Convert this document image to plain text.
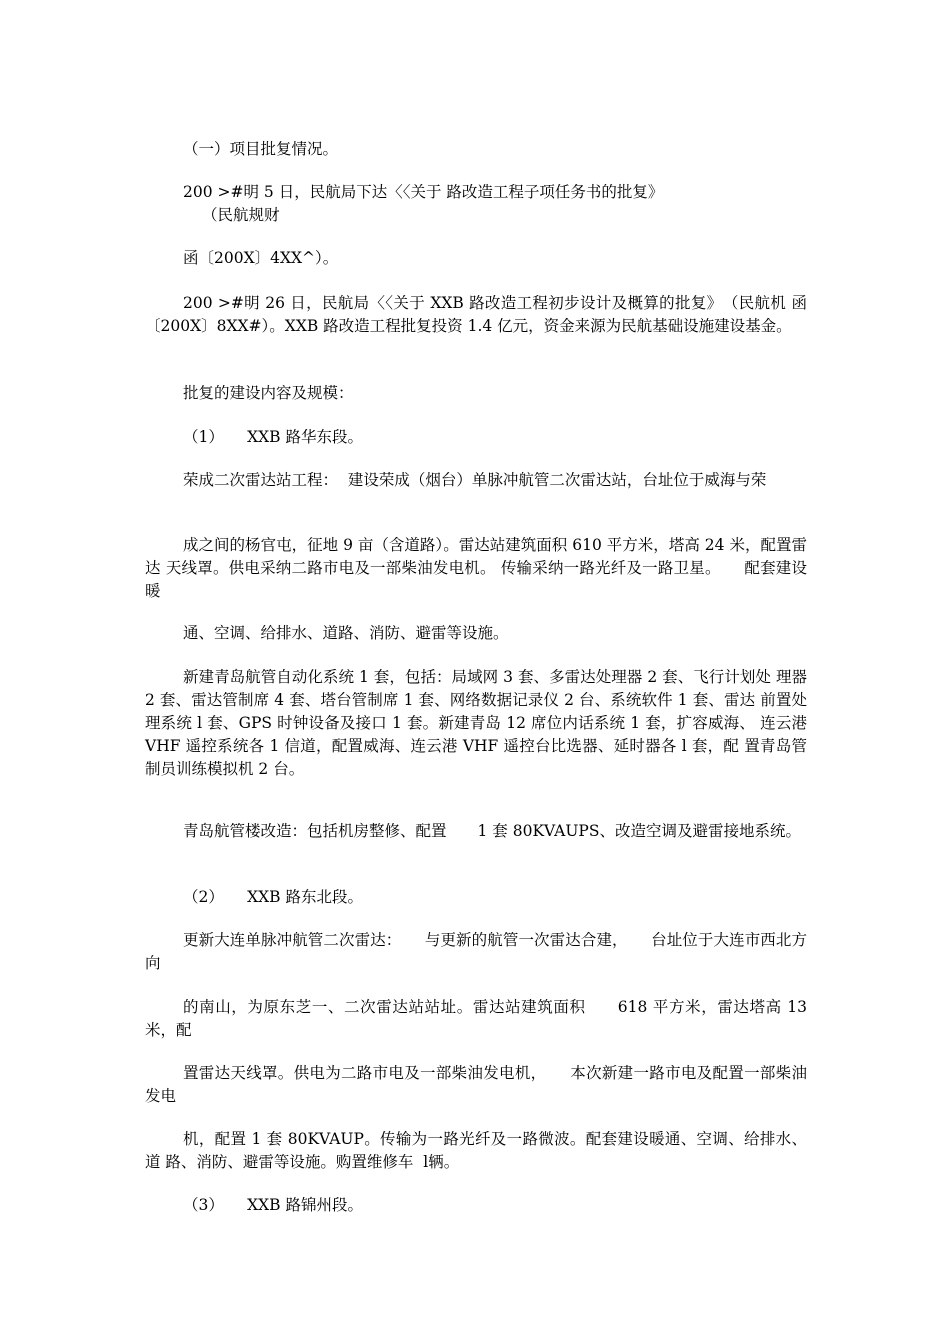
（一）项目批复情况。

200 >#明 5 日，民航局下达〈〈关于 路改造工程子项任务书的批复》
（民航规财

函〔200X〕4XX^）。

200 >#明 26 日，民航局〈〈关于 XXB 路改造工程初步设计及概算的批复》　（民航机 函〔200X〕8XX#）。XXB 路改造工程批复投资 1.4 亿元，资金来源为民航基础设施建设基金。

批复的建设内容及规模：

（1）　　XXB 路华东段。

荣成二次雷达站工程：  建设荣成（烟台）单脉冲航管二次雷达站，台址位于威海与荣

成之间的杨官屯，征地 9 亩（含道路）。雷达站建筑面积 610 平方米，塔高 24 米，配置雷达 天线罩。供电采纳二路市电及一部柴油发电机。 传输采纳一路光纤及一路卫星。　　配套建设暖

通、空调、给排水、道路、消防、避雷等设施。

新建青岛航管自动化系统 1 套，包括：局域网 3 套、多雷达处理器 2 套、飞行计划处 理器 2 套、雷达管制席 4 套、塔台管制席 1 套、网络数据记录仪 2 台、系统软件 1 套、雷达 前置处理系统 l 套、GPS 时钟设备及接口 1 套。新建青岛 12 席位内话系统 1 套，扩容威海、 连云港 VHF 遥控系统各 1 信道，配置威海、连云港 VHF 遥控台比选器、延时器各 l 套，配 置青岛管制员训练模拟机 2 台。

青岛航管楼改造：包括机房整修、配置　　1 套 80KVAUPS、改造空调及避雷接地系统。

（2）　　XXB 路东北段。

更新大连单脉冲航管二次雷达：　　与更新的航管一次雷达合建，　　台址位于大连市西北方向

的南山，为原东芝一、二次雷达站站址。雷达站建筑面积　　618 平方米，雷达塔高 13 米，配

置雷达天线罩。供电为二路市电及一部柴油发电机，　　本次新建一路市电及配置一部柴油发电

机，配置 1 套 80KVAUP。传输为一路光纤及一路微波。配套建设暖通、空调、给排水、道 路、消防、避雷等设施。购置维修车  l辆。

（3）　　XXB 路锦州段。
